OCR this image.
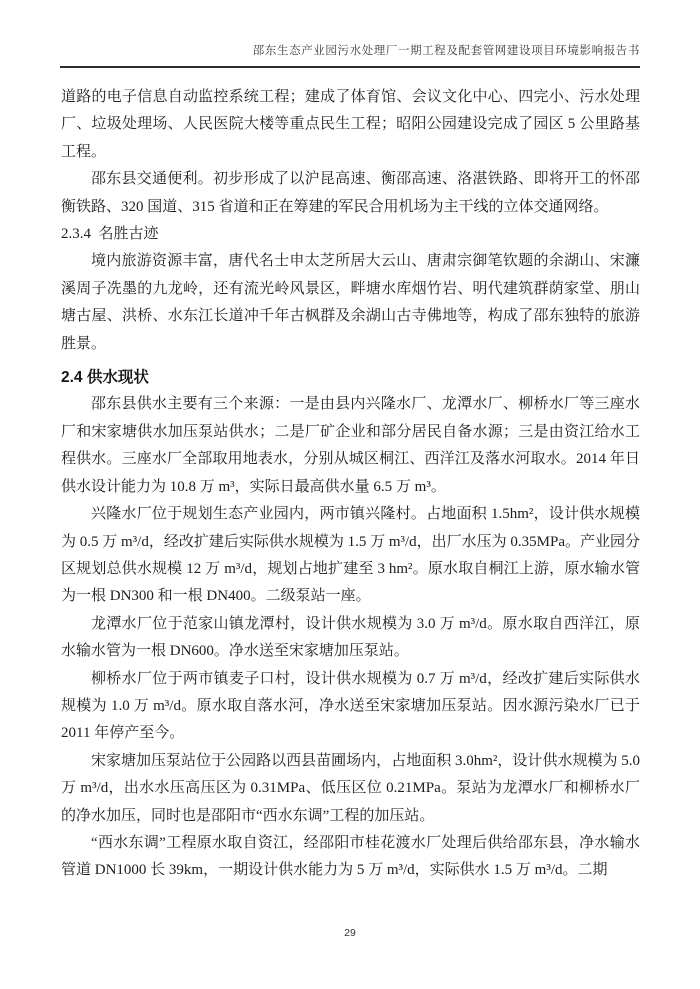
邵东生态产业园污水处理厂一期工程及配套管网建设项目环境影响报告书

道路的电子信息自动监控系统工程；建成了体育馆、会议文化中心、四完小、污水处理厂、垃圾处理场、人民医院大楼等重点民生工程；昭阳公园建设完成了园区 5 公里路基工程。

邵东县交通便利。初步形成了以沪昆高速、衡邵高速、洛湛铁路、即将开工的怀邵衡铁路、320 国道、315 省道和正在筹建的军民合用机场为主干线的立体交通网络。

2.3.4  名胜古迹

境内旅游资源丰富，唐代名士申太芝所居大云山、唐肃宗御笔钦题的余湖山、宋濂溪周子冼墨的九龙岭，还有流光岭风景区，畔塘水库烟竹岩、明代建筑群荫家堂、朋山塘古屋、洪桥、水东江长道冲千年古枫群及余湖山古寺佛地等，构成了邵东独特的旅游胜景。

2.4 供水现状

邵东县供水主要有三个来源：一是由县内兴隆水厂、龙潭水厂、柳桥水厂等三座水厂和宋家塘供水加压泵站供水；二是厂矿企业和部分居民自备水源；三是由资江给水工程供水。三座水厂全部取用地表水，分别从城区桐江、西洋江及落水河取水。2014 年日供水设计能力为 10.8 万 m³，实际日最高供水量 6.5 万 m³。

兴隆水厂位于规划生态产业园内，两市镇兴隆村。占地面积 1.5hm²，设计供水规模为 0.5 万 m³/d，经改扩建后实际供水规模为 1.5 万 m³/d，出厂水压为 0.35MPa。产业园分区规划总供水规模 12 万 m³/d，规划占地扩建至 3 hm²。原水取自桐江上游，原水输水管为一根 DN300 和一根 DN400。二级泵站一座。

龙潭水厂位于范家山镇龙潭村，设计供水规模为 3.0 万 m³/d。原水取自西洋江，原水输水管为一根 DN600。净水送至宋家塘加压泵站。

柳桥水厂位于两市镇麦子口村，设计供水规模为 0.7 万 m³/d，经改扩建后实际供水规模为 1.0 万 m³/d。原水取自落水河，净水送至宋家塘加压泵站。因水源污染水厂已于 2011 年停产至今。

宋家塘加压泵站位于公园路以西县苗圃场内，占地面积 3.0hm²，设计供水规模为 5.0 万 m³/d，出水水压高压区为 0.31MPa、低压区位 0.21MPa。泵站为龙潭水厂和柳桥水厂的净水加压，同时也是邵阳市“西水东调”工程的加压站。

“西水东调”工程原水取自资江，经邵阳市桂花渡水厂处理后供给邵东县，净水输水管道 DN1000 长 39km，一期设计供水能力为 5 万 m³/d，实际供水 1.5 万 m³/d。二期

29
